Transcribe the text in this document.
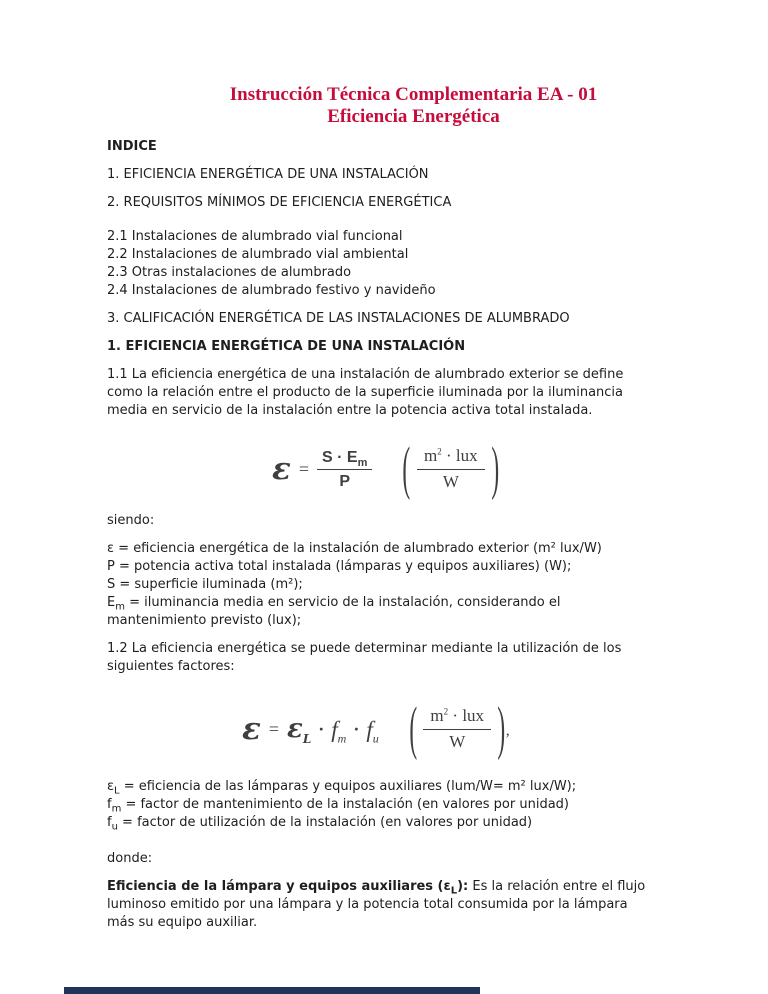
Instrucción Técnica Complementaria EA - 01
Eficiencia Energética
INDICE
1. EFICIENCIA ENERGÉTICA DE UNA INSTALACIÓN
2. REQUISITOS MÍNIMOS DE EFICIENCIA ENERGÉTICA
2.1 Instalaciones de alumbrado vial funcional
2.2 Instalaciones de alumbrado vial ambiental
2.3 Otras instalaciones de alumbrado
2.4 Instalaciones de alumbrado festivo y navideño
3. CALIFICACIÓN ENERGÉTICA DE LAS INSTALACIONES DE ALUMBRADO
1. EFICIENCIA ENERGÉTICA DE UNA INSTALACIÓN
1.1 La eficiencia energética de una instalación de alumbrado exterior se define
como la relación entre el producto de la superficie iluminada por la iluminancia
media en servicio de la instalación entre la potencia activa total instalada.
$\varepsilon = \frac{S \cdot E_m}{P}$ ( $\frac{m^2 \cdot lux}{W}$ )
siendo:
ε = eficiencia energética de la instalación de alumbrado exterior (m² lux/W)
P = potencia activa total instalada (lámparas y equipos auxiliares) (W);
S = superficie iluminada (m²);
$E_m$ = iluminancia media en servicio de la instalación, considerando el
mantenimiento previsto (lux);
1.2 La eficiencia energética se puede determinar mediante la utilización de los
siguientes factores:
$\varepsilon = \varepsilon_L$
· $f_m \cdot f_u$ ( $\frac{m^2 \cdot lux}{W}$ ) ,
$\varepsilon_L$ = eficiencia de las lámparas y equipos auxiliares (lum/W= m² lux/W);
$f_m$ = factor de mantenimiento de la instalación (en valores por unidad)
$f_u$ = factor de utilización de la instalación (en valores por unidad)
donde:
Eficiencia de la lámpara y equipos auxiliares $(\varepsilon_L)$: Es la relación entre el flujo
luminoso emitido por una lámpara y la potencia total consumida por la lámpara
más su equipo auxiliar.
